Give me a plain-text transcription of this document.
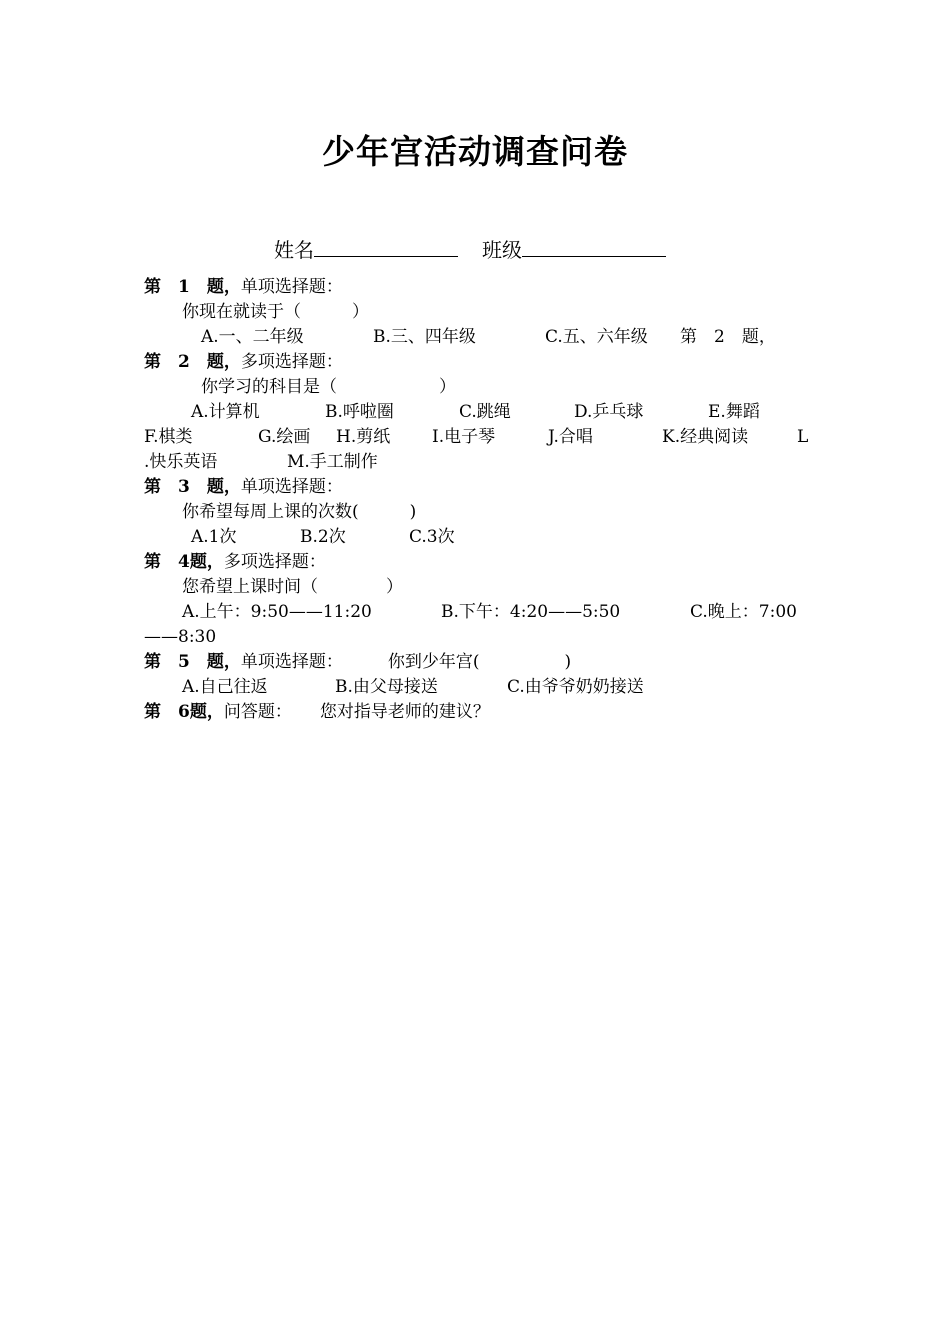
少年宫活动调查问卷
姓名	班级

第　1　题，单项选择题：

你现在就读于（　　　）

A.一、二年级	B.三、四年级	C.五、六年级 第　2　题，

第　2　题，多项选择题：

你学习的科目是（　　　　　　）

A.计算机	B.呼啦圈	C.跳绳	D.乒乓球	E.舞蹈

F.棋类	G.绘画 H.剪纸 I.电子琴	J.合唱	K.经典阅读	L

.快乐英语	M.手工制作

第　3　题，单项选择题：

你希望每周上课的次数(　　　)

A.1次	B.2次	C.3次

第　4题，多项选择题：

您希望上课时间（　　　　）

A.上午：9:50——11:20	B.下午：4:20——5:50	C.晚上：7:00

——8:30

第　5　题，单项选择题：	你到少年宫(　　　　　)

A.自己往返	B.由父母接送	C.由爷爷奶奶接送

第　6题，问答题： 您对指导老师的建议？
